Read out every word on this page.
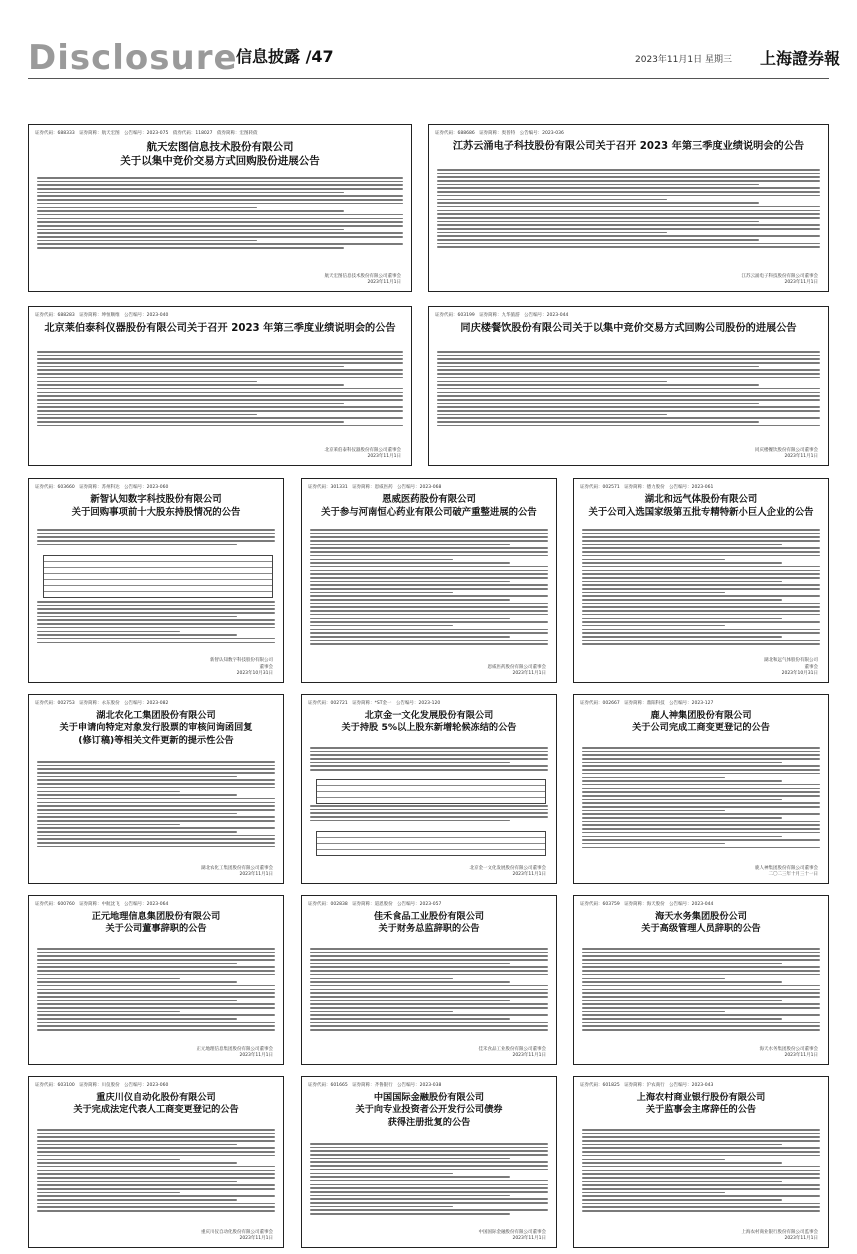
Disclosure
信息披露 /47	2023年11月1日 星期三 上海證券報
证券代码：688333　证券简称：航天宏图　公告编号：2023-075　债券代码：118027　债券简称：宏图转债
航天宏图信息技术股份有限公司
关于以集中竞价交易方式回购股份进展公告
航天宏图信息技术股份有限公司董事会
2023年11月1日
证券代码：688686　证券简称：奥普特　公告编号：2023-036
江苏云涌电子科技股份有限公司关于召开 2023 年第三季度业绩说明会的公告
江苏云涌电子科技股份有限公司董事会
2023年11月1日
证券代码：688283　证券简称：坤恒顺维　公告编号：2023-040
北京莱伯泰科仪器股份有限公司关于召开 2023 年第三季度业绩说明会的公告
北京莱伯泰科仪器股份有限公司董事会
2023年11月1日
证券代码：603199　证券简称：九华旅游　公告编号：2023-044
同庆楼餐饮股份有限公司关于以集中竞价交易方式回购公司股份的进展公告
同庆楼餐饮股份有限公司董事会
2023年11月1日
证券代码：603660　证券简称：苏州科达　公告编号：2023-060
新智认知数字科技股份有限公司
关于回购事项前十大股东持股情况的公告
新智认知数字科技股份有限公司
董事会
2023年10月31日
证券代码：301331　证券简称：恩威医药　公告编号：2023-068
恩威医药股份有限公司
关于参与河南恒心药业有限公司破产重整进展的公告
恩威医药股份有限公司董事会
2023年11月1日
证券代码：002571　证券简称：德力股份　公告编号：2023-061
湖北和远气体股份有限公司
关于公司入选国家级第五批专精特新小巨人企业的公告
湖北和远气体股份有限公司
董事会
2023年10月31日
证券代码：002753　证券简称：永东股份　公告编号：2023-082
湖北农化工集团股份有限公司
关于申请向特定对象发行股票的审核问询函回复
(修订稿)等相关文件更新的提示性公告
湖北农化工集团股份有限公司董事会
2023年11月1日
证券代码：002721　证券简称：*ST金一　公告编号：2023-120
北京金一文化发展股份有限公司
关于持股 5%以上股东新增轮候冻结的公告
北京金一文化发展股份有限公司董事会
2023年11月1日
证券代码：002667　证券简称：鼎阳科技　公告编号：2023-127
鹿人神集团股份有限公司
关于公司完成工商变更登记的公告
鹿人神集团股份有限公司董事会
二〇二三年十月三十一日
证券代码：600760　证券简称：中航沈飞　公告编号：2023-064
正元地理信息集团股份有限公司
关于公司董事辞职的公告
正元地理信息集团股份有限公司董事会
2023年11月1日
证券代码：002838　证券简称：道恩股份　公告编号：2023-057
佳禾食品工业股份有限公司
关于财务总监辞职的公告
佳禾食品工业股份有限公司董事会
2023年11月1日
证券代码：603759　证券简称：海天股份　公告编号：2023-044
海天水务集团股份公司
关于高级管理人员辞职的公告
海天水务集团股份公司董事会
2023年11月1日
证券代码：603100　证券简称：川仪股份　公告编号：2023-060
重庆川仪自动化股份有限公司
关于完成法定代表人工商变更登记的公告
重庆川仪自动化股份有限公司董事会
2023年11月1日
证券代码：601665　证券简称：齐鲁银行　公告编号：2023-038
中国国际金融股份有限公司
关于向专业投资者公开发行公司债券
获得注册批复的公告
中国国际金融股份有限公司董事会
2023年11月1日
证券代码：601825　证券简称：沪农商行　公告编号：2023-043
上海农村商业银行股份有限公司
关于监事会主席辞任的公告
上海农村商业银行股份有限公司监事会
2023年11月1日
